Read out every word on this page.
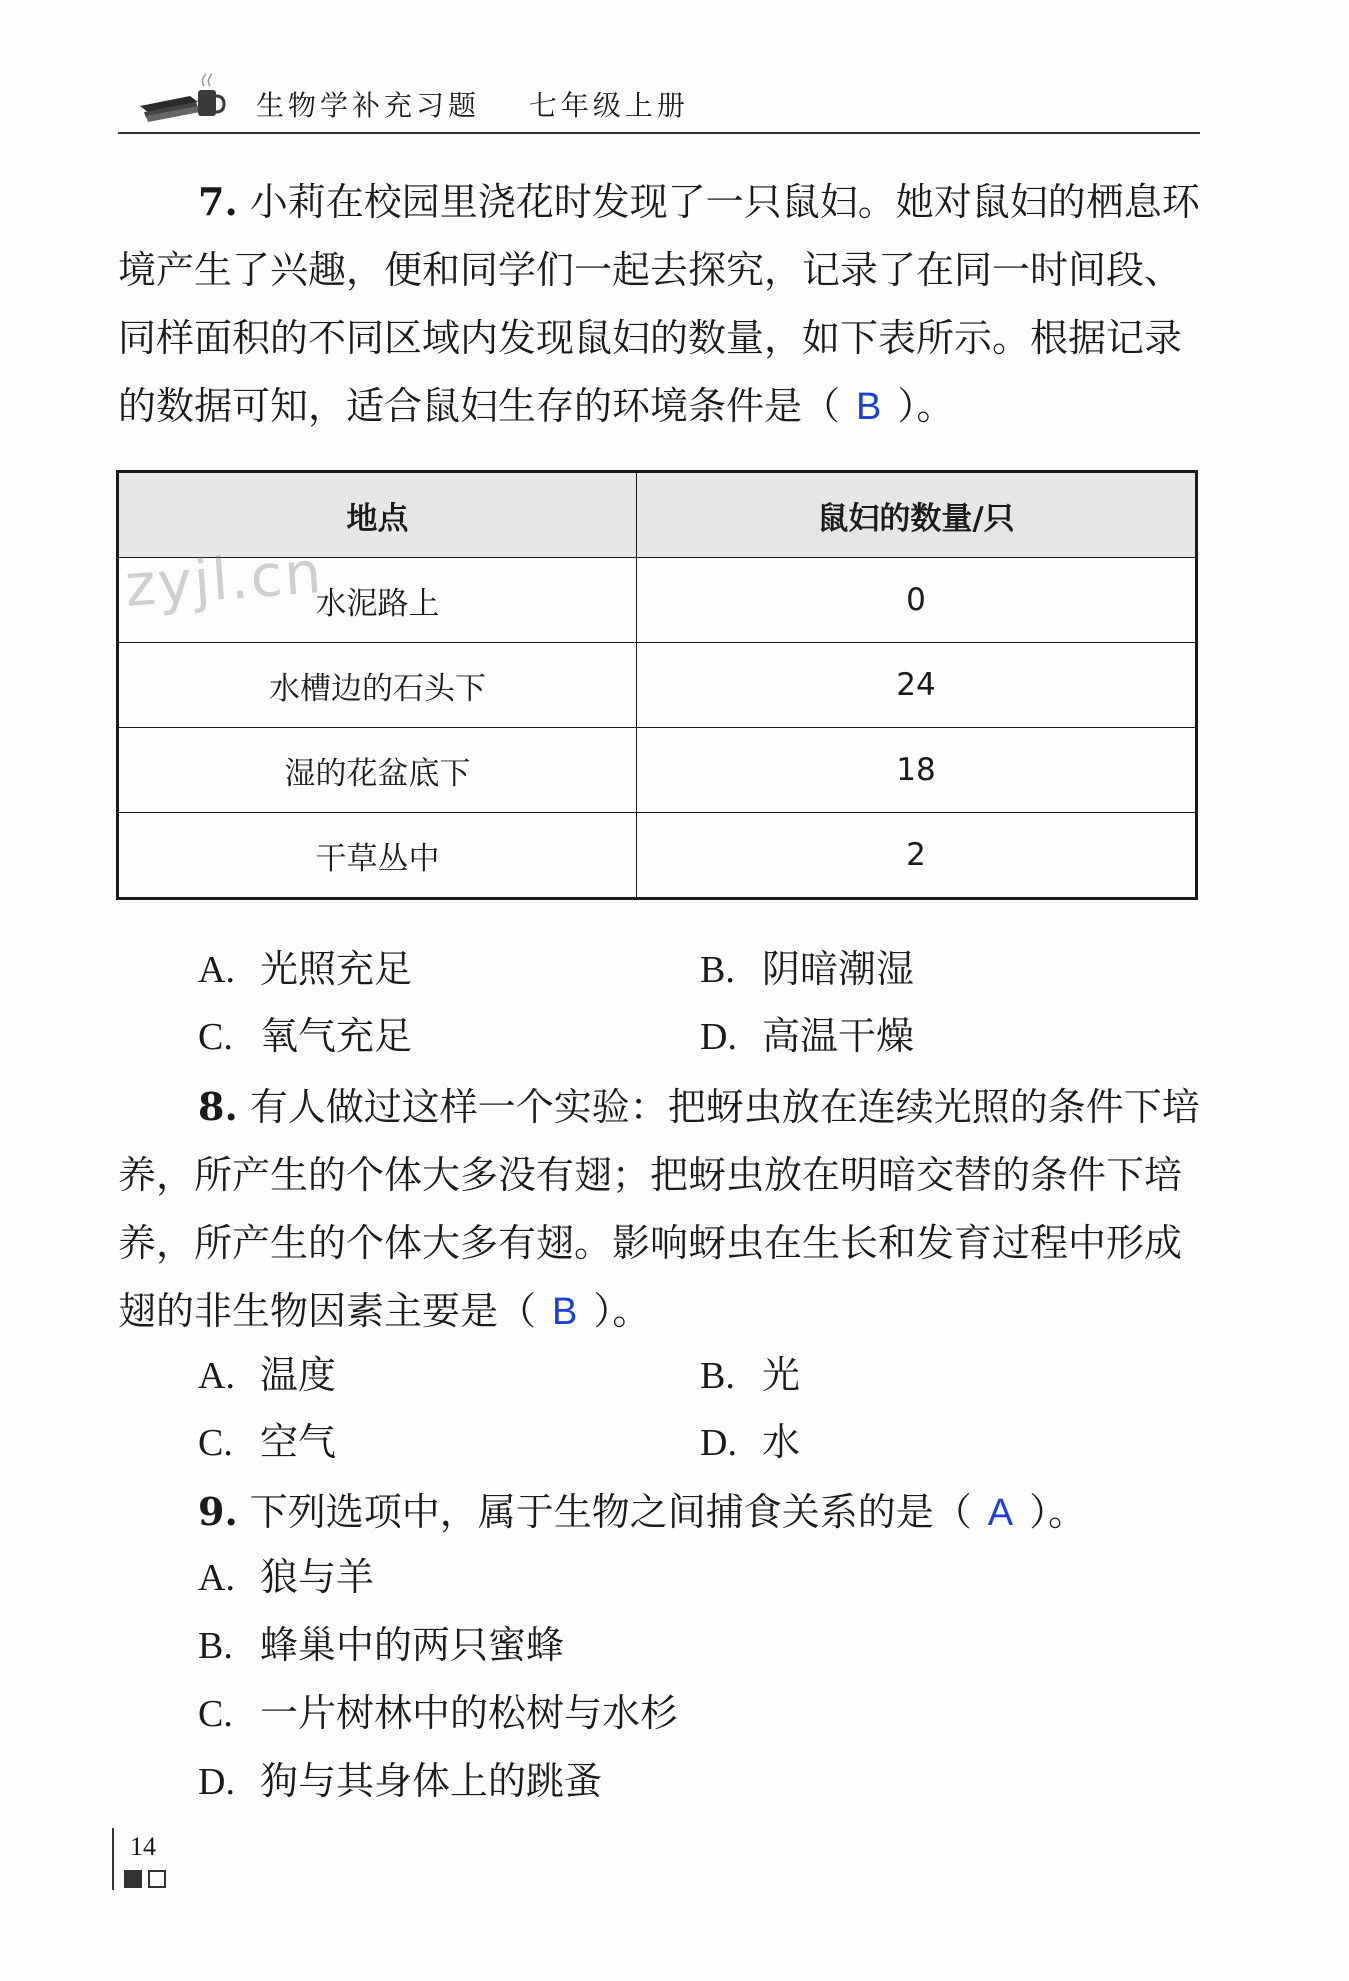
生物学补充习题 七年级上册
7. 小莉在校园里浇花时发现了一只鼠妇。她对鼠妇的栖息环境产生了兴趣，便和同学们一起去探究，记录了在同一时间段、同样面积的不同区域内发现鼠妇的数量，如下表所示。根据记录的数据可知，适合鼠妇生存的环境条件是（ B ）。
地点	鼠妇的数量/只
水泥路上	0
水槽边的石头下	24
湿的花盆底下	18
干草丛中	2
zyjl.cn
A. 光照充足	B. 阴暗潮湿
C. 氧气充足	D. 高温干燥
8. 有人做过这样一个实验：把蚜虫放在连续光照的条件下培养，所产生的个体大多没有翅；把蚜虫放在明暗交替的条件下培养，所产生的个体大多有翅。影响蚜虫在生长和发育过程中形成翅的非生物因素主要是（ B ）。
A. 温度	B. 光
C. 空气	D. 水
9. 下列选项中，属于生物之间捕食关系的是（ A ）。
A. 狼与羊
B. 蜂巢中的两只蜜蜂
C. 一片树林中的松树与水杉
D. 狗与其身体上的跳蚤
14
